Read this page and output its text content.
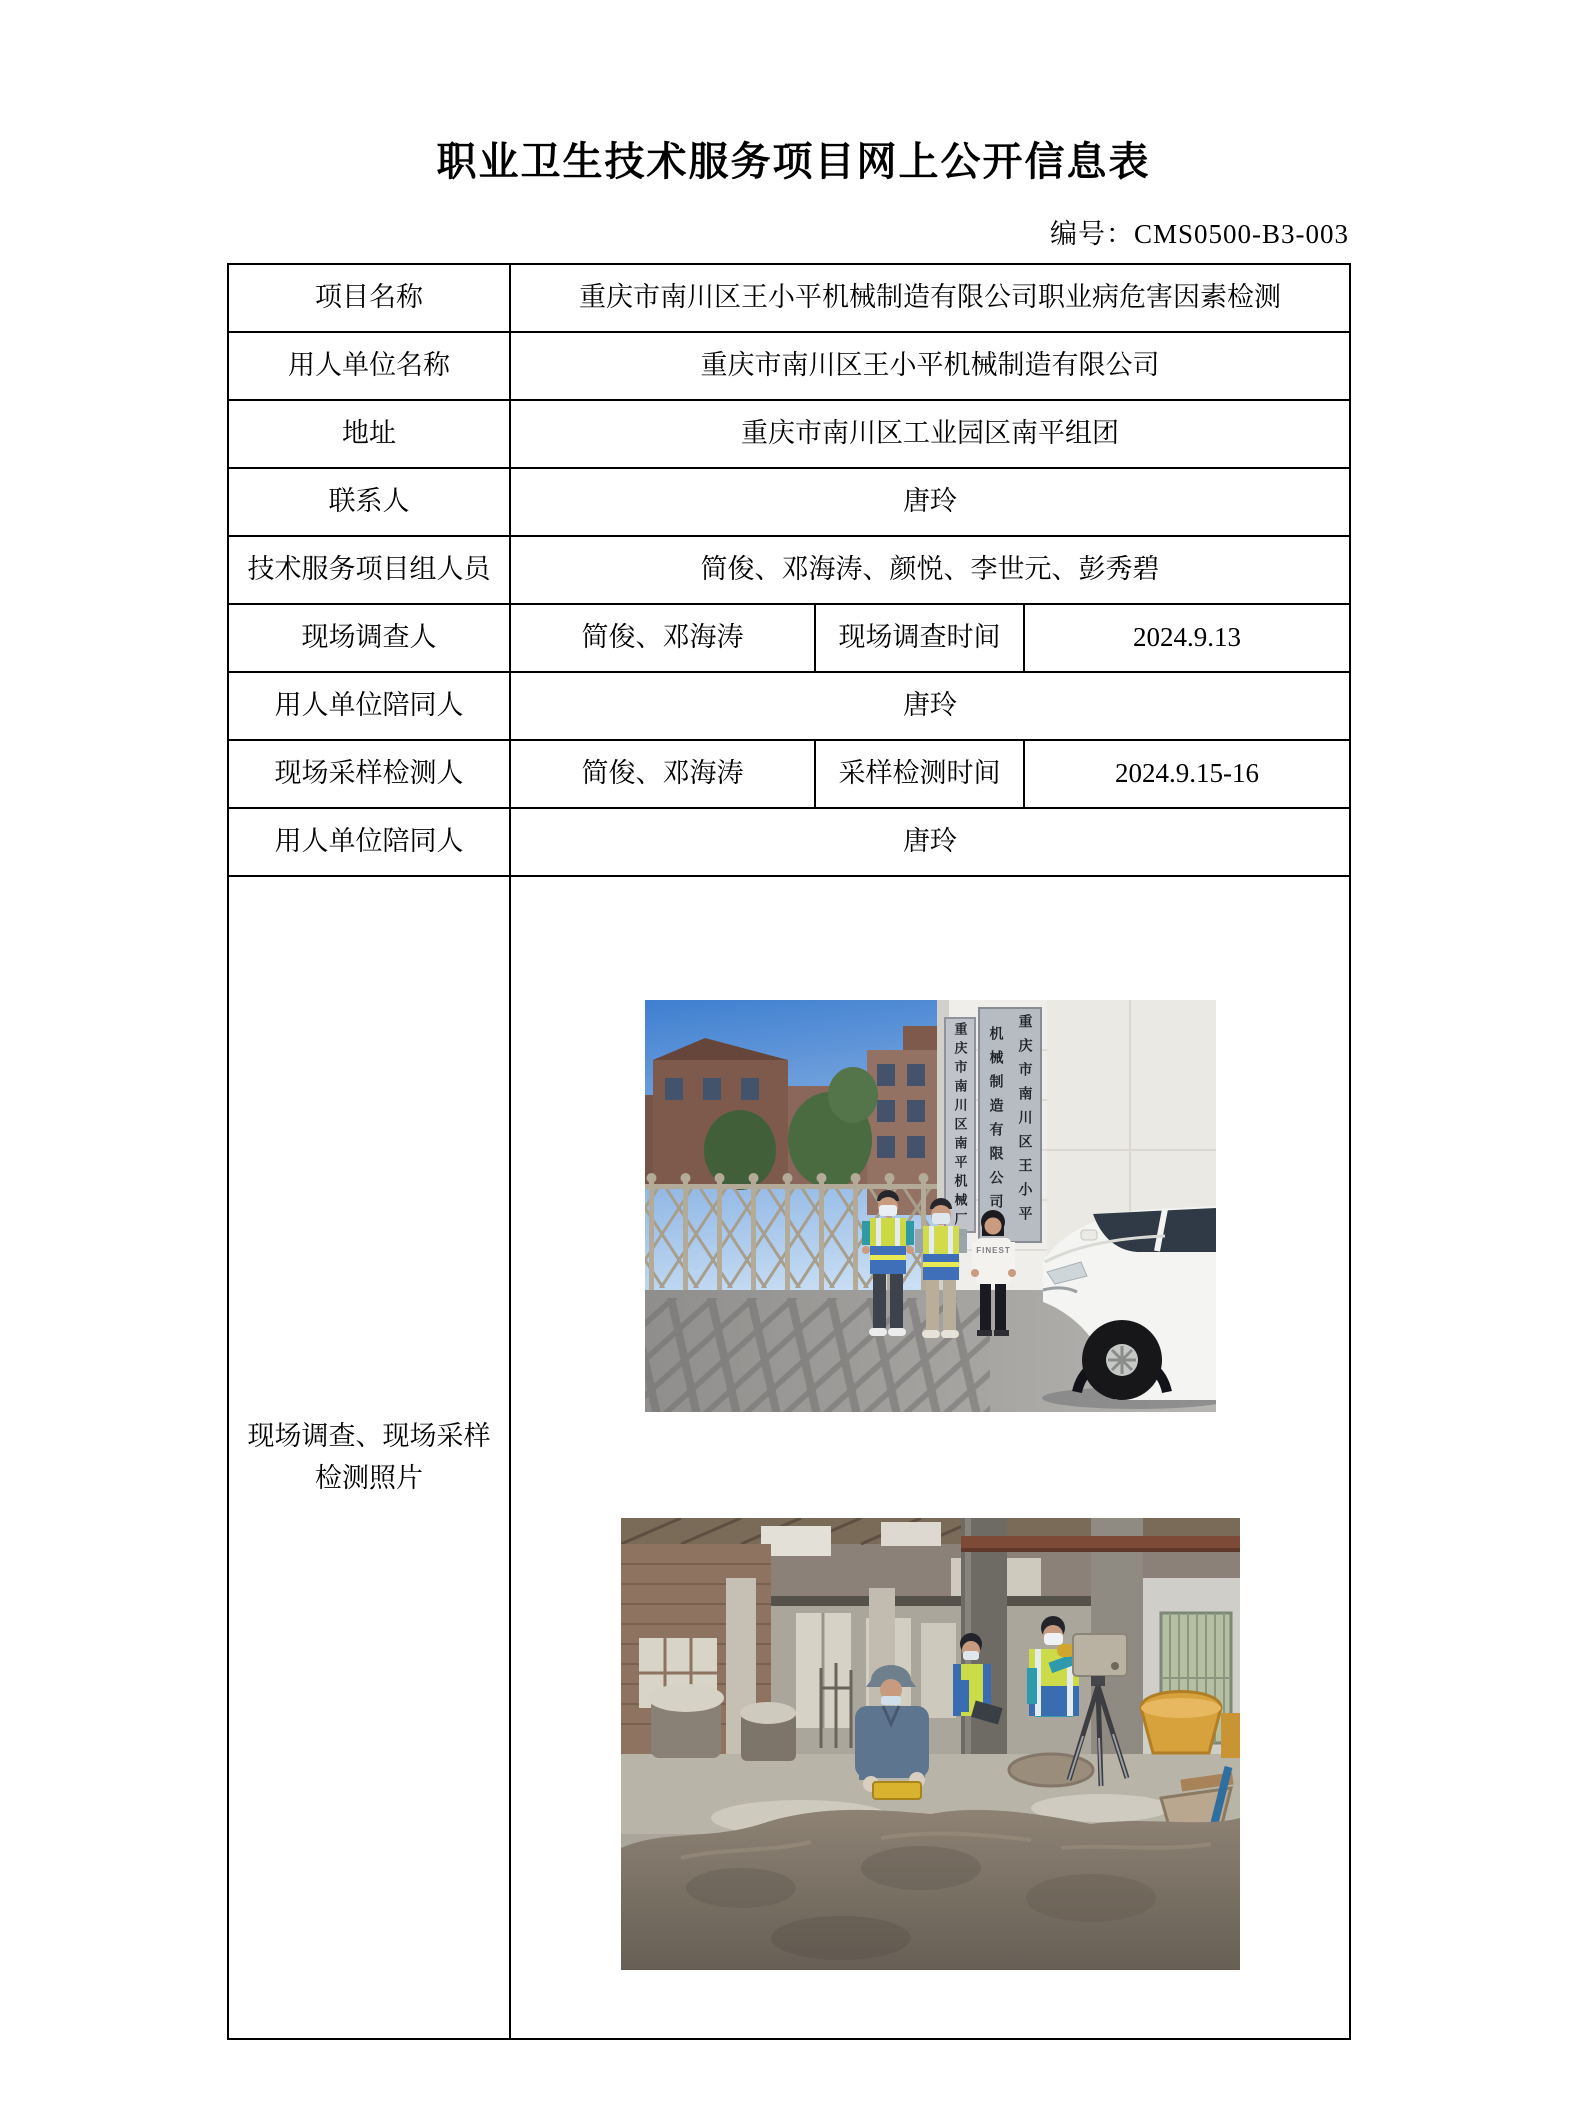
职业卫生技术服务项目网上公开信息表
编号：CMS0500-B3-003
项目名称	重庆市南川区王小平机械制造有限公司职业病危害因素检测		
用人单位名称	重庆市南川区王小平机械制造有限公司		
地址	重庆市南川区工业园区南平组团		
联系人	唐玲		
技术服务项目组人员	简俊、邓海涛、颜悦、李世元、彭秀碧		
现场调查人	简俊、邓海涛	现场调查时间	2024.9.13
用人单位陪同人	唐玲		
现场采样检测人	简俊、邓海涛	采样检测时间	2024.9.15-16
用人单位陪同人	唐玲		

现场调查、现场采样
检测照片

重庆市南川区王小平机械制造有限公司
重庆市南川区南平机械厂
FINEST
